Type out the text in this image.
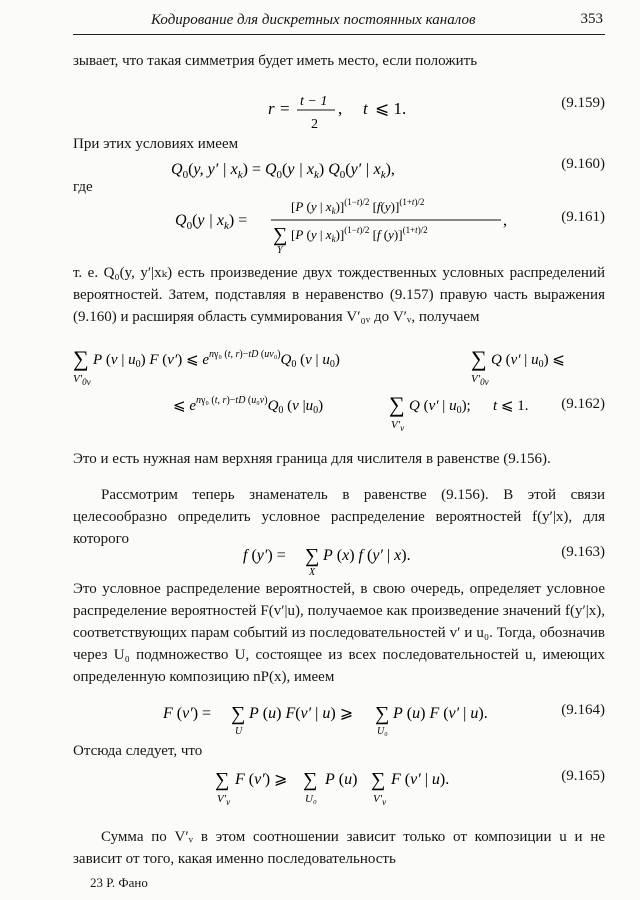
Кодирование для дискретных постоянных каналов	353

зывает, что такая симметрия будет иметь место, если положить

r = t − 1
2
, t ⩽ 1.	(9.159)

При этих условиях имеем

$Q_0(y$, y′ | $x_k) = Q_0(y$ | $x_k$) $Q_0(y'$ | $x_k$),	(9.160)

где

$Q_0(y$ | $x_k$) =
[P (y | $x_k)]^{(1-t)/2}$ $[f(y)]^{(1+t)/2}$
∑
Y
[P (y | $x_k)]^{(1-t)/2}$ [f (y)]$^{(1+t)/2}$
,	(9.161)

т. е. Q₀(y, y′|xₖ) есть произведение двух тождественных условных распределений вероятностей. Затем, подставляя в неравенство (9.157) правую часть выражения (9.160) и расширяя область суммирования V′₀ᵥ до V′ᵥ, получаем

∑
$V'_{0v}$
P (v | $u_0$) F (v′) ⩽ $e^{n\gamma_0 (t, r)-tD (uv_0)}Q_0$ (v | $u_0$)	∑
$V'_{0v}$
Q (v′ | $u_0$) ⩽
⩽ $e^{n\gamma_0 (t, r)-tD (u_0v)}Q_0$ (v $|u_0$)	∑
$V'_v$
Q (v′ | $u_0$); t ⩽ 1. (9.162)

Это и есть нужная нам верхняя граница для числителя в равенстве (9.156).

Рассмотрим теперь знаменатель в равенстве (9.156). В этой связи целесообразно определить условное распределение вероятностей f(y′|x), для которого

f (y′) = ∑
X
P (x) f (y′ | x).	(9.163)

Это условное распределение вероятностей, в свою очередь, определяет условное распределение вероятностей F(v′|u), получаемое как произведение значений f(y′|x), соответствующих парам событий из последовательностей v′ и u₀. Тогда, обозначив через U₀ подмножество U, состоящее из всех последовательностей u, имеющих определенную композицию nP(x), имеем

F (v′) = ∑
U
P (u) F(v′ | u) ⩾ ∑
U₀
P (u) F (v′ | u).	(9.164)

Отсюда следует, что

∑
$V'_v$
F (v′) ⩾ ∑
U₀
P (u) ∑
$V'_v$
F (v′ | u).	(9.165)

Сумма по V′ᵥ в этом соотношении зависит только от композиции u и не зависит от того, какая именно последовательность

23 Р. Фано
